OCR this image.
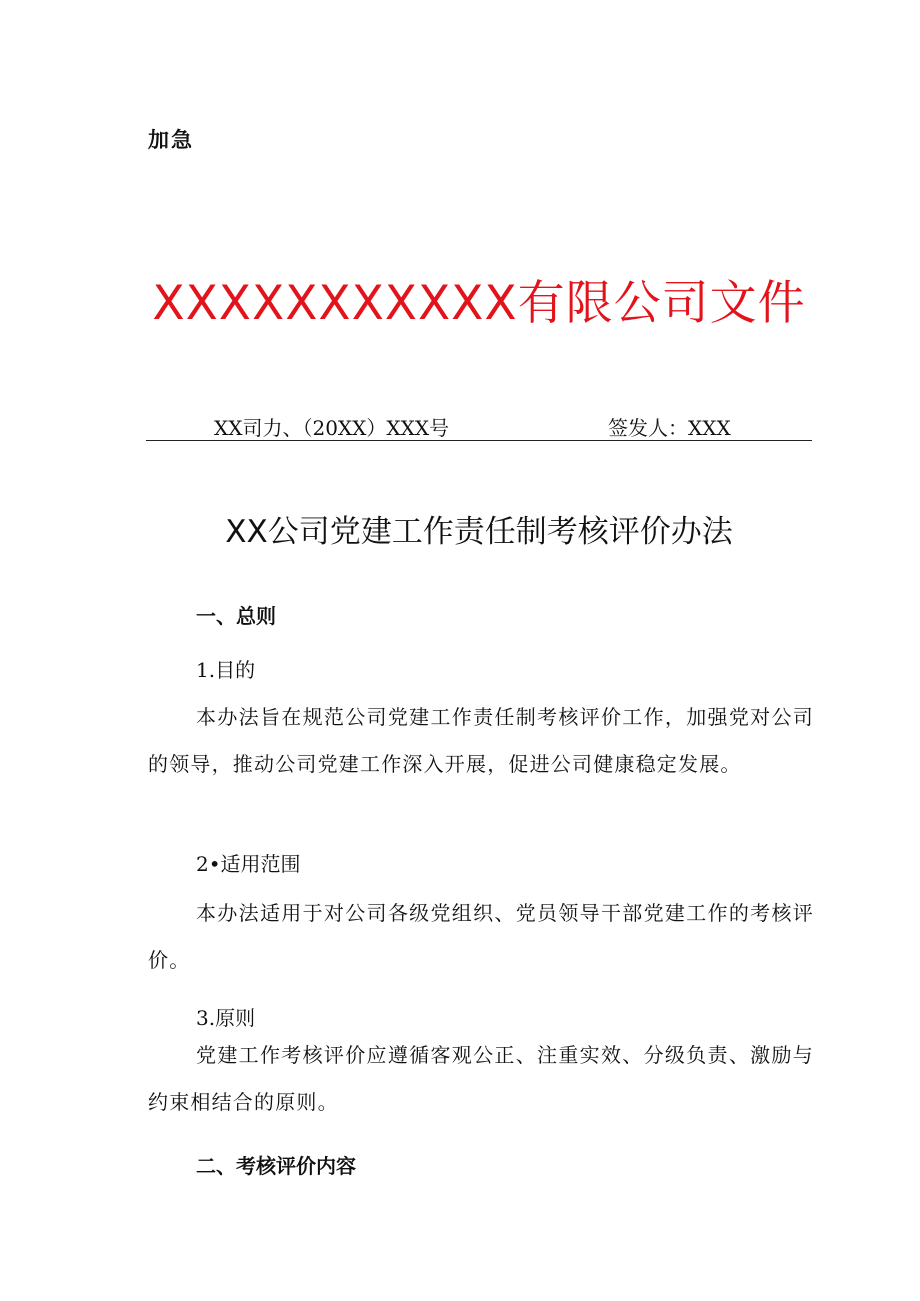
加急
XXXXXXXXXXX有限公司文件
XX司力、（20XX）XXX号	签发人：XXX
XX公司党建工作责任制考核评价办法
一、总则
1.目的
本办法旨在规范公司党建工作责任制考核评价工作，加强党对公司的领导，推动公司党建工作深入开展，促进公司健康稳定发展。
2•适用范围
本办法适用于对公司各级党组织、党员领导干部党建工作的考核评价。
3.原则
党建工作考核评价应遵循客观公正、注重实效、分级负责、激励与约束相结合的原则。
二、考核评价内容
